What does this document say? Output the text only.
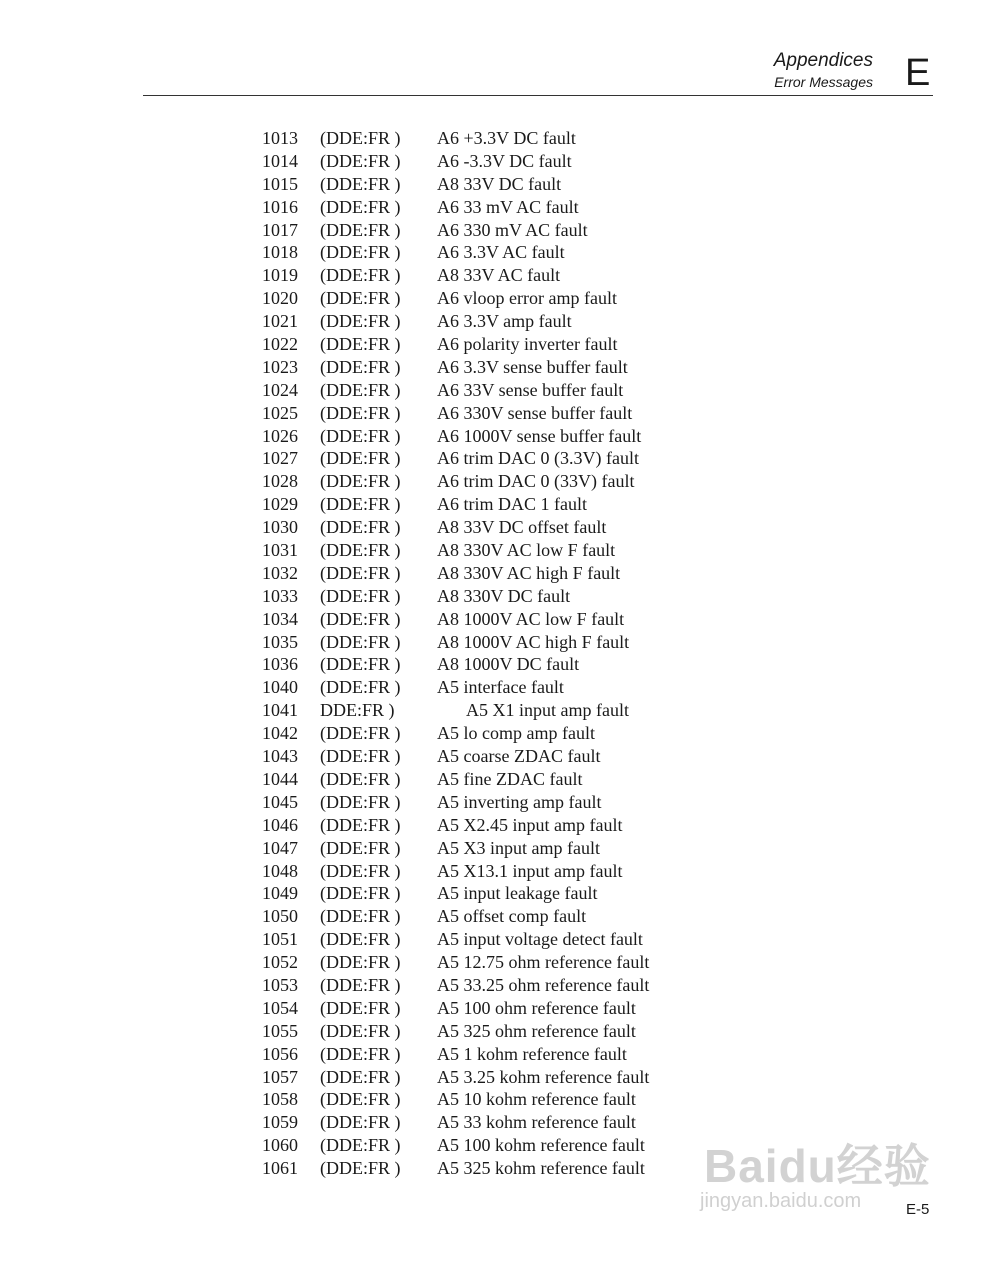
Appendices
Error Messages E
1013 (DDE:FR ) A6 +3.3V DC fault
1014 (DDE:FR ) A6 -3.3V DC fault
1015 (DDE:FR ) A8 33V DC fault
1016 (DDE:FR ) A6 33 mV AC fault
1017 (DDE:FR ) A6 330 mV AC fault
1018 (DDE:FR ) A6 3.3V AC fault
1019 (DDE:FR ) A8 33V AC fault
1020 (DDE:FR ) A6 vloop error amp fault
1021 (DDE:FR ) A6 3.3V amp fault
1022 (DDE:FR ) A6 polarity inverter fault
1023 (DDE:FR ) A6 3.3V sense buffer fault
1024 (DDE:FR ) A6 33V sense buffer fault
1025 (DDE:FR ) A6 330V sense buffer fault
1026 (DDE:FR ) A6 1000V sense buffer fault
1027 (DDE:FR ) A6 trim DAC 0 (3.3V) fault
1028 (DDE:FR ) A6 trim DAC 0 (33V) fault
1029 (DDE:FR ) A6 trim DAC 1 fault
1030 (DDE:FR ) A8 33V DC offset fault
1031 (DDE:FR ) A8 330V AC low F fault
1032 (DDE:FR ) A8 330V AC high F fault
1033 (DDE:FR ) A8 330V DC fault
1034 (DDE:FR ) A8 1000V AC low F fault
1035 (DDE:FR ) A8 1000V AC high F fault
1036 (DDE:FR ) A8 1000V DC fault
1040 (DDE:FR ) A5 interface fault
1041 DDE:FR )	A5 X1 input amp fault
1042 (DDE:FR ) A5 lo comp amp fault
1043 (DDE:FR ) A5 coarse ZDAC fault
1044 (DDE:FR ) A5 fine ZDAC fault
1045 (DDE:FR ) A5 inverting amp fault
1046 (DDE:FR ) A5 X2.45 input amp fault
1047 (DDE:FR ) A5 X3 input amp fault
1048 (DDE:FR ) A5 X13.1 input amp fault
1049 (DDE:FR ) A5 input leakage fault
1050 (DDE:FR ) A5 offset comp fault
1051 (DDE:FR ) A5 input voltage detect fault
1052 (DDE:FR ) A5 12.75 ohm reference fault
1053 (DDE:FR ) A5 33.25 ohm reference fault
1054 (DDE:FR ) A5 100 ohm reference fault
1055 (DDE:FR ) A5 325 ohm reference fault
1056 (DDE:FR ) A5 1 kohm reference fault
1057 (DDE:FR ) A5 3.25 kohm reference fault
1058 (DDE:FR ) A5 10 kohm reference fault
1059 (DDE:FR ) A5 33 kohm reference fault
1060 (DDE:FR ) A5 100 kohm reference fault
1061 (DDE:FR ) A5 325 kohm reference fault
E-5
Baidu经验
jingyan.baidu.com
